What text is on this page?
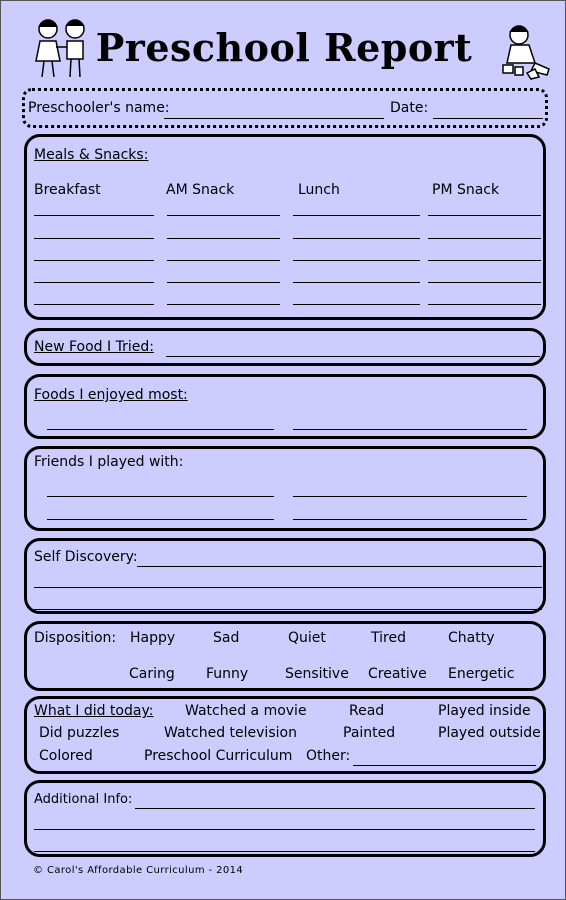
Preschool Report
Preschooler's name:	Date:
Meals & Snacks:
Breakfast	AM Snack	Lunch	PM Snack
New Food I Tried:
Foods I enjoyed most:
Friends I played with:
Self Discovery:
Disposition: Happy	Sad	Quiet	Tired	Chatty
Caring Funny	Sensitive Creative Energetic
What I did today: Watched a movie	Read	Played inside
Did puzzles	Watched television	Painted	Played outside
Colored	Preschool Curriculum Other:
Additional Info:
© Carol's Affordable Curriculum - 2014
